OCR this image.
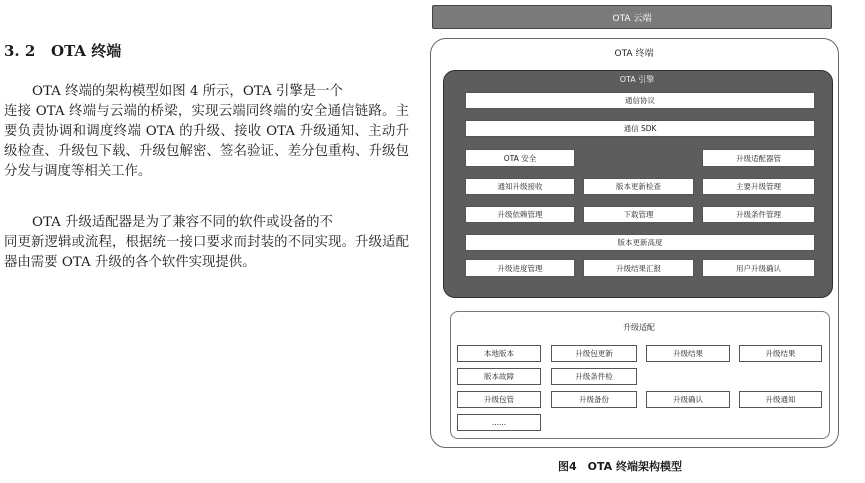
3. 2 OTA 终端

OTA 终端的架构模型如图 4 所示，OTA 引擎是一个
连接 OTA 终端与云端的桥梁，实现云端同终端的安全通信链路。主要负责协调和调度终端 OTA 的升级、接收 OTA 升级通知、主动升级检查、升级包下载、升级包解密、签名验证、差分包重构、升级包分发与调度等相关工作。

OTA 升级适配器是为了兼容不同的软件或设备的不
同更新逻辑或流程，根据统一接口要求而封装的不同实现。升级适配器由需要 OTA 升级的各个软件实现提供。

OTA 云端
OTA 终端
OTA 引擎
通信协议
通信 SDK
OTA 安全	升级适配器管
通知升级接收	版本更新检查	主要升级管理
升级依赖管理	下载管理	升级条件管理
版本更新高度
升级进度管理	升级结果汇报	用户升级确认
升级适配
本地版本	升级包更新	升级结果	升级结果
版本故障	升级条件检
升级包管	升级备份	升级确认	升级通知
......
图4　OTA 终端架构模型
